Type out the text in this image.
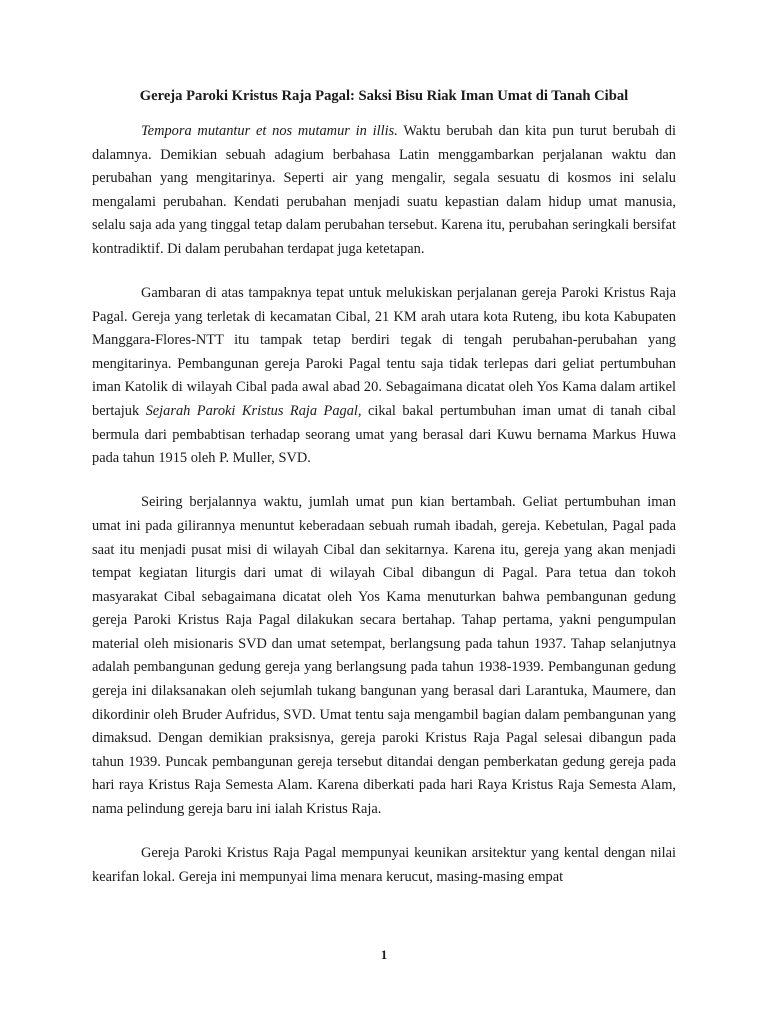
Gereja Paroki Kristus Raja Pagal: Saksi Bisu Riak Iman Umat di Tanah Cibal

Tempora mutantur et nos mutamur in illis. Waktu berubah dan kita pun turut berubah di dalamnya. Demikian sebuah adagium berbahasa Latin menggambarkan perjalanan waktu dan perubahan yang mengitarinya. Seperti air yang mengalir, segala sesuatu di kosmos ini selalu mengalami perubahan. Kendati perubahan menjadi suatu kepastian dalam hidup umat manusia, selalu saja ada yang tinggal tetap dalam perubahan tersebut. Karena itu, perubahan seringkali bersifat kontradiktif. Di dalam perubahan terdapat juga ketetapan.

Gambaran di atas tampaknya tepat untuk melukiskan perjalanan gereja Paroki Kristus Raja Pagal. Gereja yang terletak di kecamatan Cibal, 21 KM arah utara kota Ruteng, ibu kota Kabupaten Manggara-Flores-NTT itu tampak tetap berdiri tegak di tengah perubahan-perubahan yang mengitarinya. Pembangunan gereja Paroki Pagal tentu saja tidak terlepas dari geliat pertumbuhan iman Katolik di wilayah Cibal pada awal abad 20. Sebagaimana dicatat oleh Yos Kama dalam artikel bertajuk Sejarah Paroki Kristus Raja Pagal, cikal bakal pertumbuhan iman umat di tanah cibal bermula dari pembabtisan terhadap seorang umat yang berasal dari Kuwu bernama Markus Huwa pada tahun 1915 oleh P. Muller, SVD.

Seiring berjalannya waktu, jumlah umat pun kian bertambah. Geliat pertumbuhan iman umat ini pada gilirannya menuntut keberadaan sebuah rumah ibadah, gereja. Kebetulan, Pagal pada saat itu menjadi pusat misi di wilayah Cibal dan sekitarnya. Karena itu, gereja yang akan menjadi tempat kegiatan liturgis dari umat di wilayah Cibal dibangun di Pagal. Para tetua dan tokoh masyarakat Cibal sebagaimana dicatat oleh Yos Kama menuturkan bahwa pembangunan gedung gereja Paroki Kristus Raja Pagal dilakukan secara bertahap. Tahap pertama, yakni pengumpulan material oleh misionaris SVD dan umat setempat, berlangsung pada tahun 1937. Tahap selanjutnya adalah pembangunan gedung gereja yang berlangsung pada tahun 1938-1939. Pembangunan gedung gereja ini dilaksanakan oleh sejumlah tukang bangunan yang berasal dari Larantuka, Maumere, dan dikordinir oleh Bruder Aufridus, SVD. Umat tentu saja mengambil bagian dalam pembangunan yang dimaksud. Dengan demikian praksisnya, gereja paroki Kristus Raja Pagal selesai dibangun pada tahun 1939. Puncak pembangunan gereja tersebut ditandai dengan pemberkatan gedung gereja pada hari raya Kristus Raja Semesta Alam. Karena diberkati pada hari Raya Kristus Raja Semesta Alam, nama pelindung gereja baru ini ialah Kristus Raja.

Gereja Paroki Kristus Raja Pagal mempunyai keunikan arsitektur yang kental dengan nilai kearifan lokal. Gereja ini mempunyai lima menara kerucut, masing-masing empat

1
